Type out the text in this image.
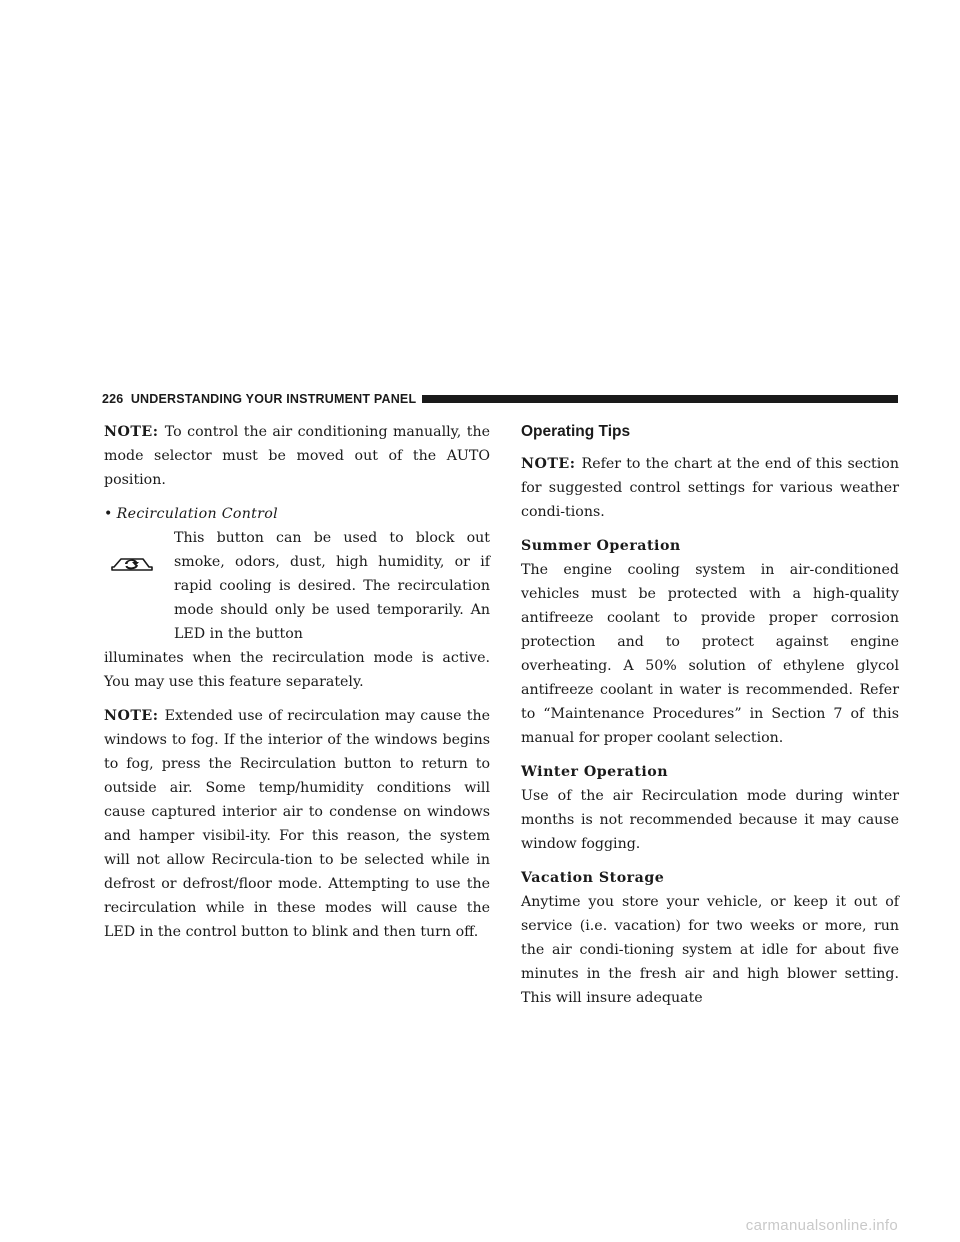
226 UNDERSTANDING YOUR INSTRUMENT PANEL

NOTE: To control the air conditioning manually, the mode selector must be moved out of the AUTO position.

• Recirculation Control

This button can be used to block out smoke, odors, dust, high humidity, or if rapid cooling is desired. The recirculation mode should only be used temporarily. An LED in the button
illuminates when the recirculation mode is active. You may use this feature separately.

NOTE: Extended use of recirculation may cause the windows to fog. If the interior of the windows begins to fog, press the Recirculation button to return to outside air. Some temp/humidity conditions will cause captured interior air to condense on windows and hamper visibil-ity. For this reason, the system will not allow Recircula-tion to be selected while in defrost or defrost/floor mode. Attempting to use the recirculation while in these modes will cause the LED in the control button to blink and then turn off.

Operating Tips

NOTE: Refer to the chart at the end of this section for suggested control settings for various weather condi-tions.

Summer Operation

The engine cooling system in air-conditioned vehicles must be protected with a high-quality antifreeze coolant to provide proper corrosion protection and to protect against engine overheating. A 50% solution of ethylene glycol antifreeze coolant in water is recommended. Refer to “Maintenance Procedures” in Section 7 of this manual for proper coolant selection.

Winter Operation

Use of the air Recirculation mode during winter months is not recommended because it may cause window fogging.

Vacation Storage

Anytime you store your vehicle, or keep it out of service (i.e. vacation) for two weeks or more, run the air condi-tioning system at idle for about five minutes in the fresh air and high blower setting. This will insure adequate

carmanualsonline.info
